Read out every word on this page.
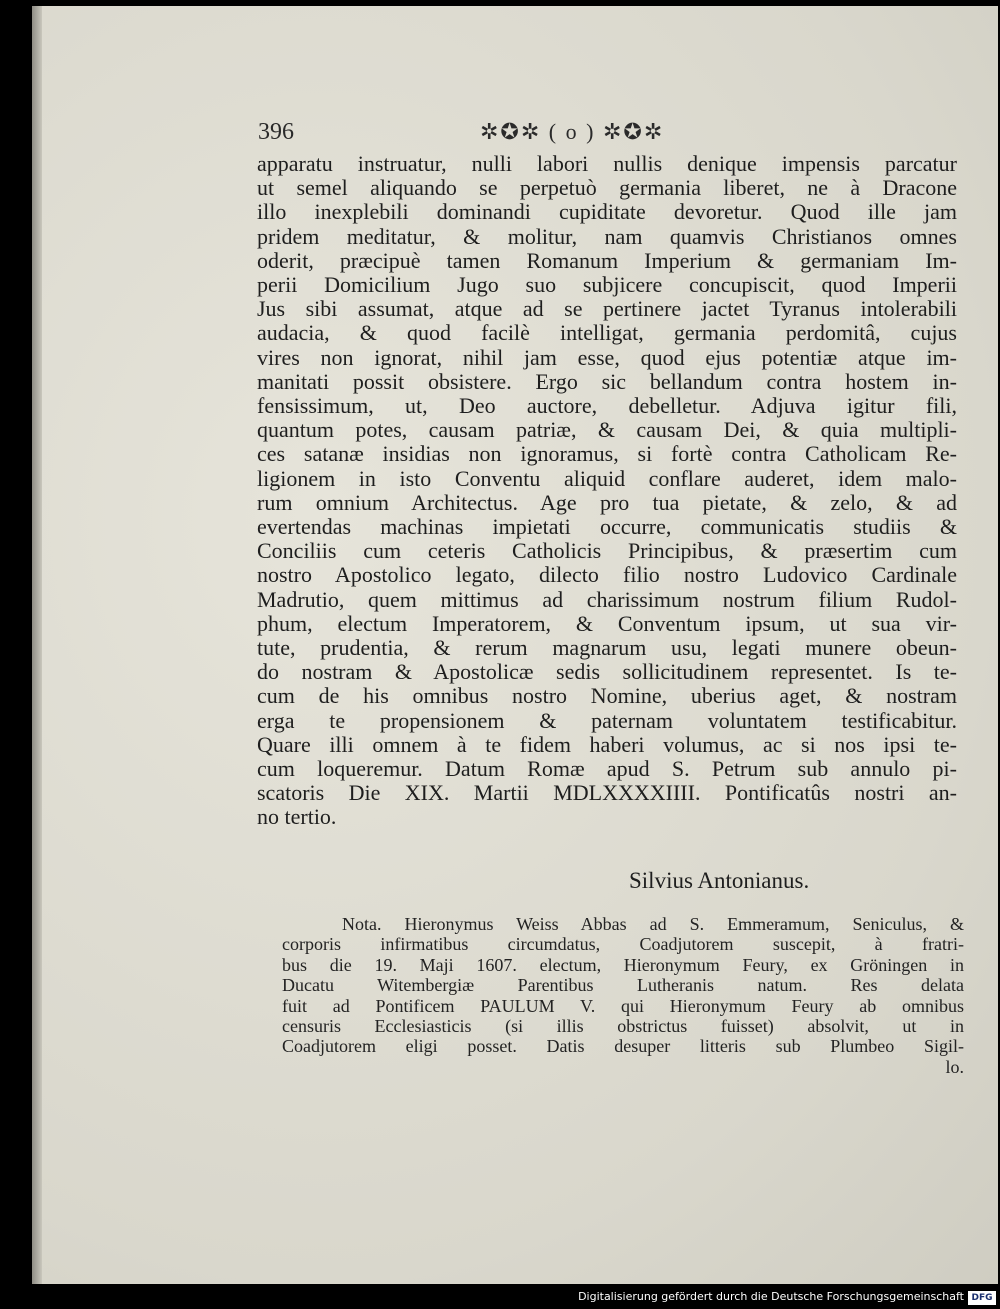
396	✲✪✲ ( o ) ✲✪✲
apparatu instruatur, nulli labori nullis denique impensis parcatur
ut semel aliquando se perpetuò germania liberet, ne à Dracone
illo inexplebili dominandi cupiditate devoretur. Quod ille jam
pridem meditatur, & molitur, nam quamvis Christianos omnes
oderit, præcipuè tamen Romanum Imperium & germaniam Im-
perii Domicilium Jugo suo subjicere concupiscit, quod Imperii
Jus sibi assumat, atque ad se pertinere jactet Tyranus intolerabili
audacia, & quod facilè intelligat, germania perdomitâ, cujus
vires non ignorat, nihil jam esse, quod ejus potentiæ atque im-
manitati possit obsistere. Ergo sic bellandum contra hostem in-
fensissimum, ut, Deo auctore, debelletur. Adjuva igitur fili,
quantum potes, causam patriæ, & causam Dei, & quia multipli-
ces satanæ insidias non ignoramus, si fortè contra Catholicam Re-
ligionem in isto Conventu aliquid conflare auderet, idem malo-
rum omnium Architectus. Age pro tua pietate, & zelo, & ad
evertendas machinas impietati occurre, communicatis studiis &
Conciliis cum ceteris Catholicis Principibus, & præsertim cum
nostro Apostolico legato, dilecto filio nostro Ludovico Cardinale
Madrutio, quem mittimus ad charissimum nostrum filium Rudol-
phum, electum Imperatorem, & Conventum ipsum, ut sua vir-
tute, prudentia, & rerum magnarum usu, legati munere obeun-
do nostram & Apostolicæ sedis sollicitudinem representet. Is te-
cum de his omnibus nostro Nomine, uberius aget, & nostram
erga te propensionem & paternam voluntatem testificabitur.
Quare illi omnem à te fidem haberi volumus, ac si nos ipsi te-
cum loqueremur. Datum Romæ apud S. Petrum sub annulo pi-
scatoris Die XIX. Martii MDLXXXXIIII. Pontificatûs nostri an-
no tertio.
Silvius Antonianus.
Nota. Hieronymus Weiss Abbas ad S. Emmeramum, Seniculus, &
corporis infirmatibus circumdatus, Coadjutorem suscepit, à fratri-
bus die 19. Maji 1607. electum, Hieronymum Feury, ex Gröningen in
Ducatu Witembergiæ Parentibus Lutheranis natum. Res delata
fuit ad Pontificem PAULUM V. qui Hieronymum Feury ab omnibus
censuris Ecclesiasticis (si illis obstrictus fuisset) absolvit, ut in
Coadjutorem eligi posset. Datis desuper litteris sub Plumbeo Sigil-
lo.
Digitalisierung gefördert durch die Deutsche Forschungsgemeinschaft DFG
